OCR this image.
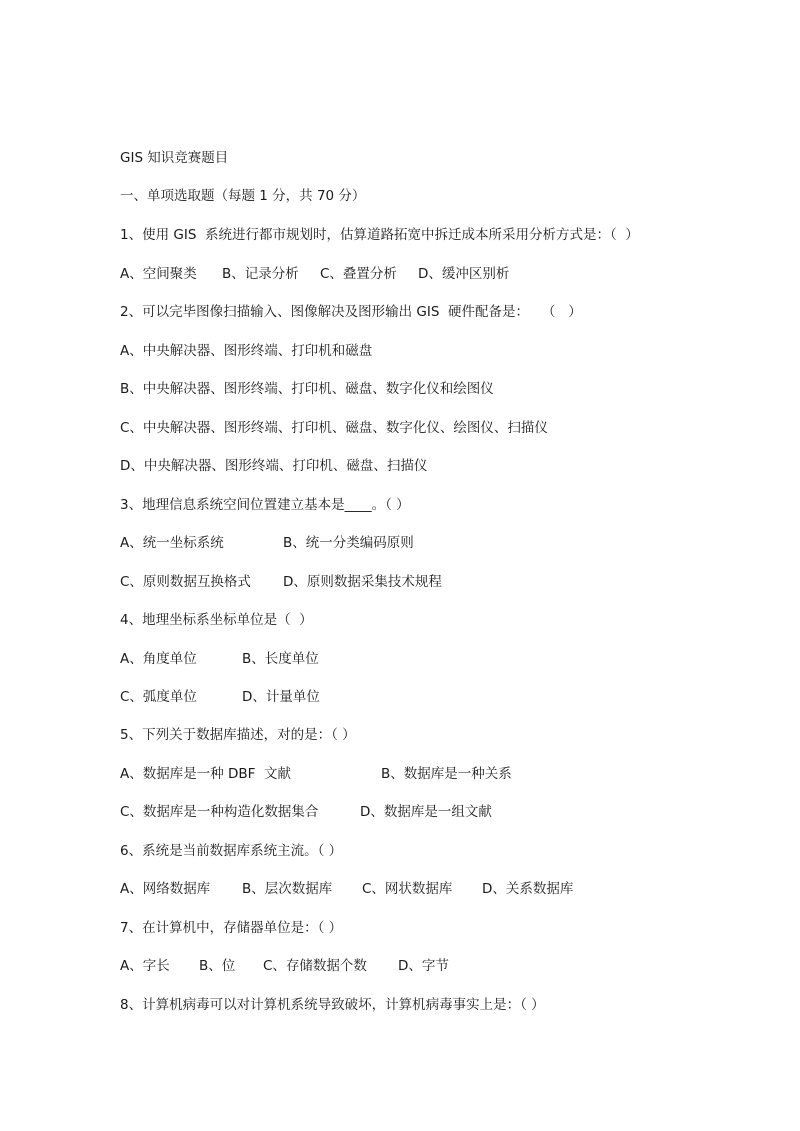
GIS 知识竞赛题目
一、单项选取题（每题 1 分，共 70 分）
1、使用 GIS  系统进行都市规划时，估算道路拓宽中拆迁成本所采用分析方式是：（  ）

A、空间聚类

B、记录分析

C、叠置分析

D、缓冲区别析

2、可以完毕图像扫描输入、图像解决及图形输出 GIS  硬件配备是：   （   ）
A、中央解决器、图形终端、打印机和磁盘
B、中央解决器、图形终端、打印机、磁盘、数字化仪和绘图仪
C、中央解决器、图形终端、打印机、磁盘、数字化仪、绘图仪、扫描仪
D、中央解决器、图形终端、打印机、磁盘、扫描仪
3、地理信息系统空间位置建立基本是____。（ ）

A、统一坐标系统

	B、统一分类编码原则

C、原则数据互换格式

D、原则数据采集技术规程

4、地理坐标系坐标单位是（  ）

A、角度单位

	B、长度单位

C、弧度单位

	D、计量单位

5、下列关于数据库描述，对的是：（ ）

A、数据库是一种 DBF  文献

	B、数据库是一种关系

C、数据库是一种构造化数据集合

	D、数据库是一组文献

6、系统是当前数据库系统主流。（ ）

A、网络数据库

B、层次数据库

C、网状数据库

D、关系数据库

7、在计算机中，存储器单位是：（ ）

A、字长

B、位

C、存储数据个数

D、字节

8、计算机病毒可以对计算机系统导致破坏，计算机病毒事实上是：（ ）
